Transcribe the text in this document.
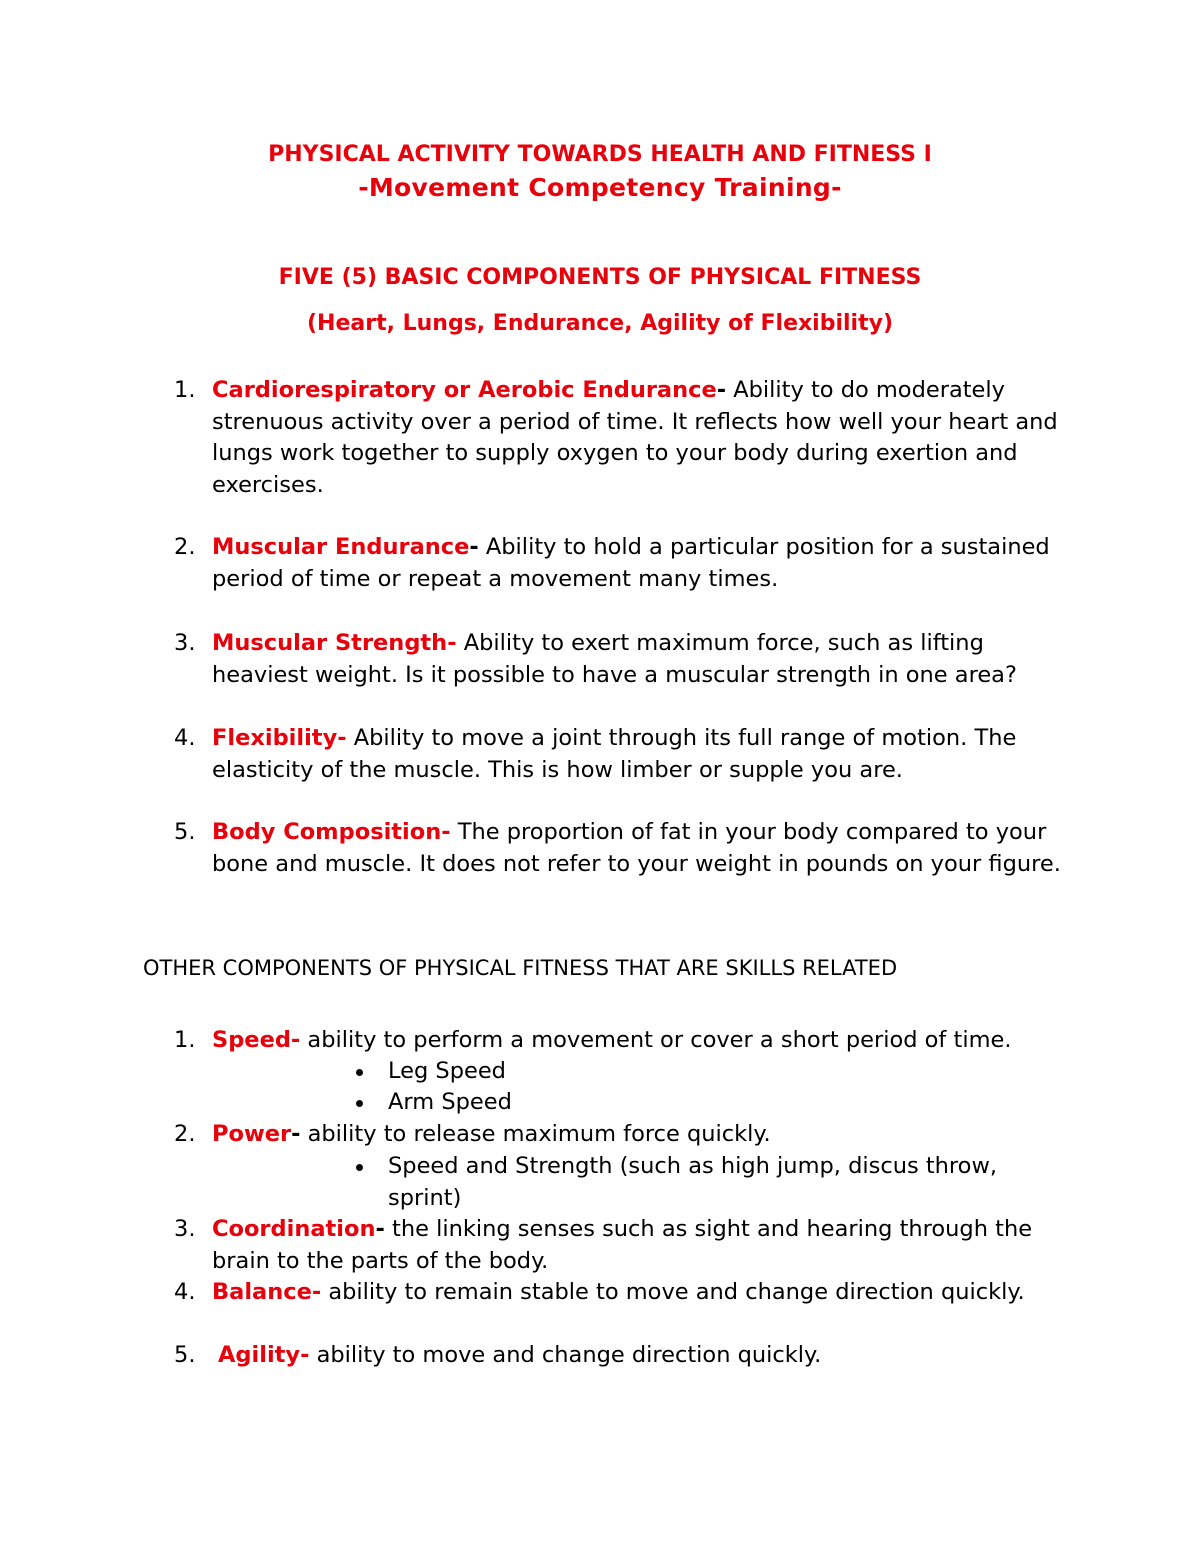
PHYSICAL ACTIVITY TOWARDS HEALTH AND FITNESS I
-Movement Competency Training-
FIVE (5) BASIC COMPONENTS OF PHYSICAL FITNESS
(Heart, Lungs, Endurance, Agility of Flexibility)
1. Cardiorespiratory or Aerobic Endurance- Ability to do moderately strenuous activity over a period of time. It reflects how well your heart and lungs work together to supply oxygen to your body during exertion and exercises.
2. Muscular Endurance- Ability to hold a particular position for a sustained period of time or repeat a movement many times.
3. Muscular Strength- Ability to exert maximum force, such as lifting heaviest weight. Is it possible to have a muscular strength in one area?
4. Flexibility- Ability to move a joint through its full range of motion. The elasticity of the muscle. This is how limber or supple you are.
5. Body Composition- The proportion of fat in your body compared to your bone and muscle. It does not refer to your weight in pounds on your figure.
OTHER COMPONENTS OF PHYSICAL FITNESS THAT ARE SKILLS RELATED
1. Speed- ability to perform a movement or cover a short period of time.
Leg Speed
Arm Speed
2. Power- ability to release maximum force quickly.
Speed and Strength (such as high jump, discus throw, sprint)
3. Coordination- the linking senses such as sight and hearing through the brain to the parts of the body.
4. Balance- ability to remain stable to move and change direction quickly.
5. Agility- ability to move and change direction quickly.
